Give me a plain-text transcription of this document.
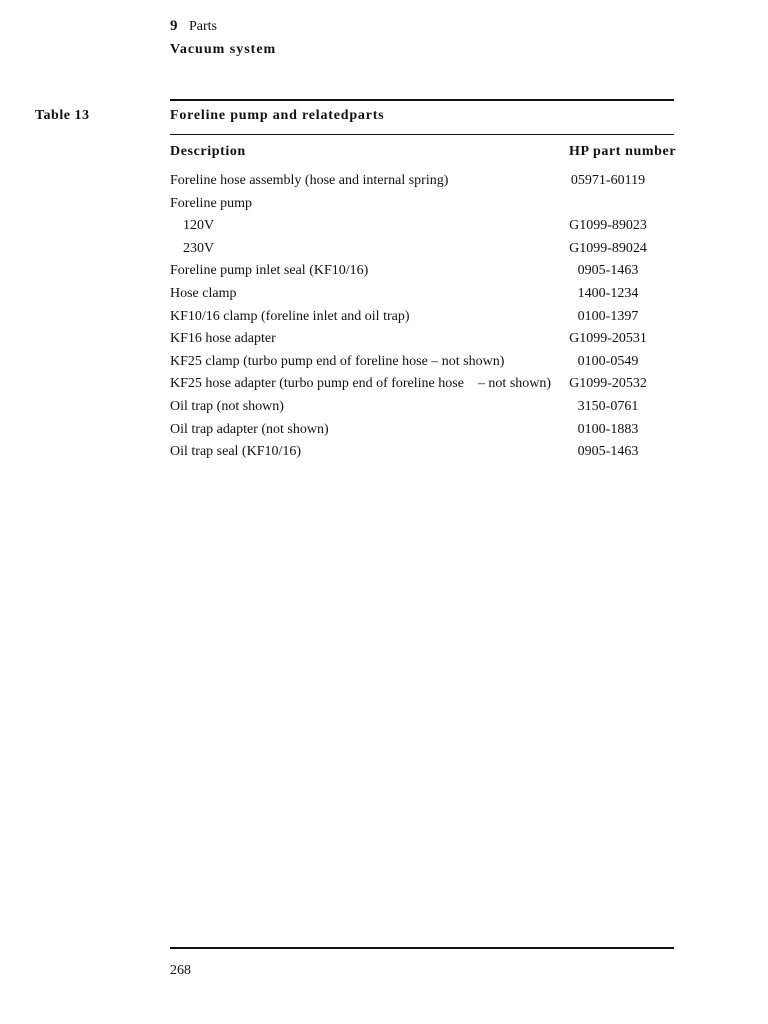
9 Parts
Vacuum system
Table 13	Foreline pump and relatedparts
Description	HP part number
Foreline hose assembly (hose and internal spring)	05971-60119
Foreline pump
120V	G1099-89023
230V	G1099-89024
Foreline pump inlet seal (KF10/16)	0905-1463
Hose clamp	1400-1234
KF10/16 clamp (foreline inlet and oil trap)	0100-1397
KF16 hose adapter	G1099-20531
KF25 clamp (turbo pump end of foreline hose – not shown)	0100-0549
KF25 hose adapter (turbo pump end of foreline hose    – not shown)	G1099-20532
Oil trap (not shown)	3150-0761
Oil trap adapter (not shown)	0100-1883
Oil trap seal (KF10/16)	0905-1463
268
